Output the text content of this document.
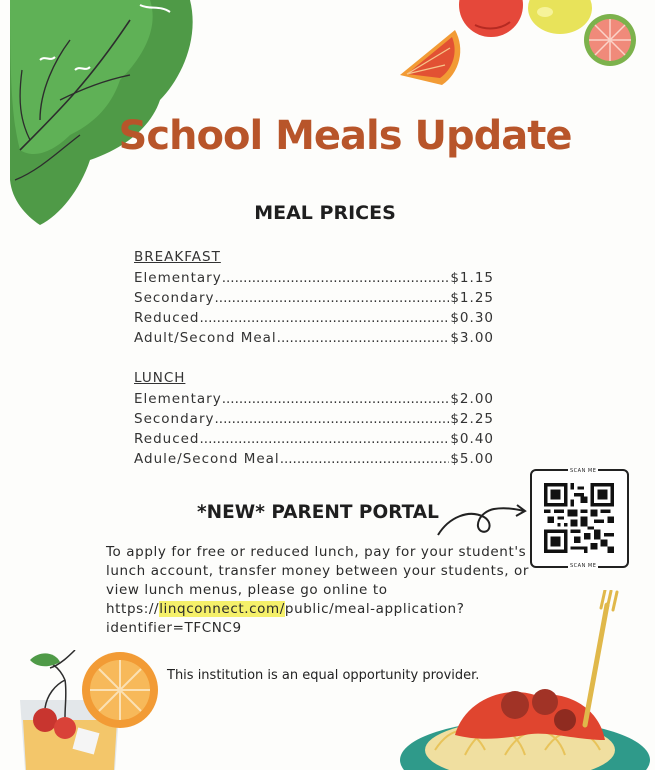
School Meals Update
MEAL PRICES
BREAKFAST
Elementary .....	$1.15
Secondary .....	$1.25
Reduced .....	$0.30
Adult/Second Meal .....	$3.00
LUNCH
Elementary .....	$2.00
Secondary .....	$2.25
Reduced .....	$0.40
Adule/Second Meal .....	$5.00
*NEW* PARENT PORTAL
SCAN ME
SCAN ME
To apply for free or reduced lunch, pay for your student's lunch account, transfer money between your students, or view lunch menus, please go online to https://linqconnect.com/public/meal-application?identifier=TFCNC9
This institution is an equal opportunity provider.
